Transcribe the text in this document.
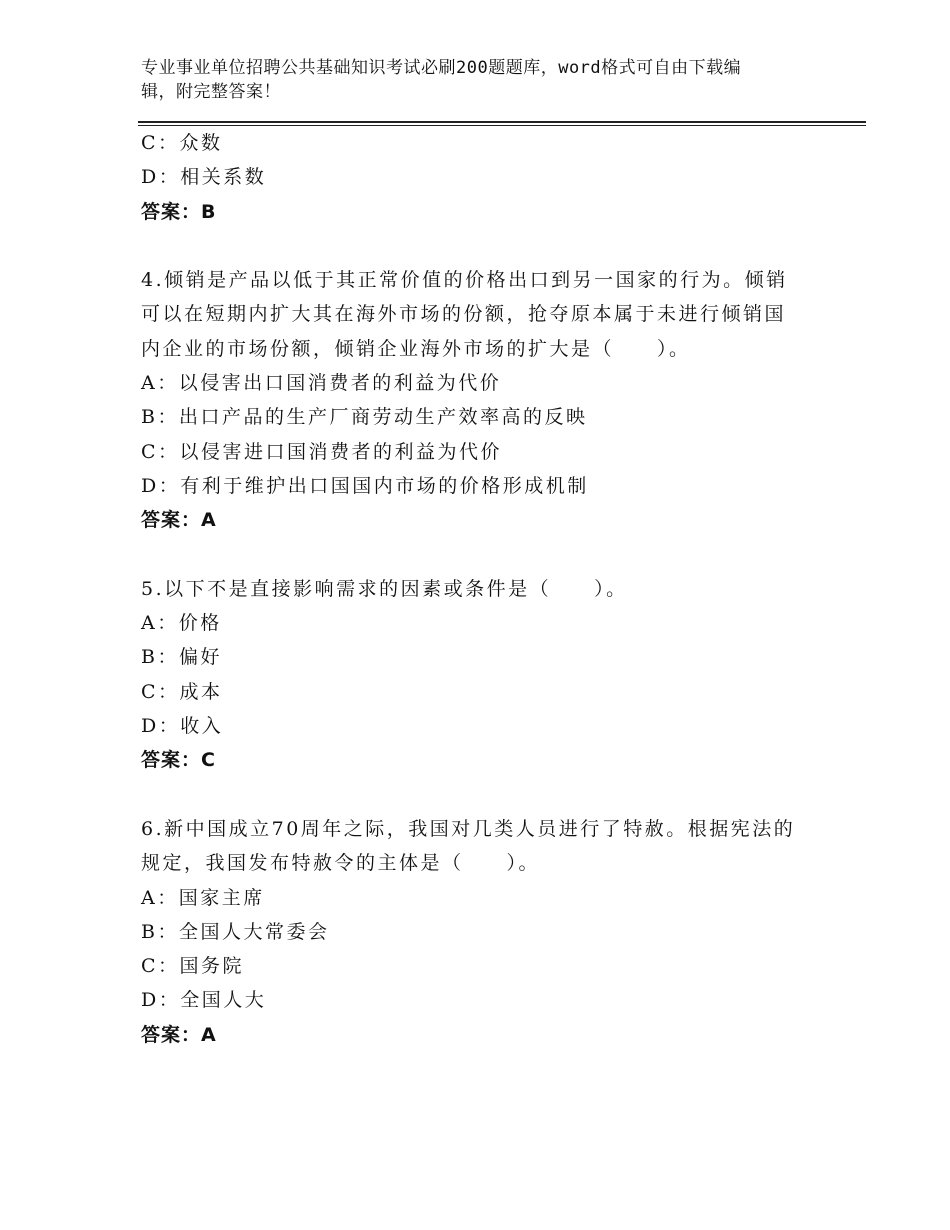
专业事业单位招聘公共基础知识考试必刷200题题库，word格式可自由下载编
辑，附完整答案！
C：众数
D：相关系数
答案：B
4.倾销是产品以低于其正常价值的价格出口到另一国家的行为。倾销
可以在短期内扩大其在海外市场的份额，抢夺原本属于未进行倾销国
内企业的市场份额，倾销企业海外市场的扩大是（　　）。
A：以侵害出口国消费者的利益为代价
B：出口产品的生产厂商劳动生产效率高的反映
C：以侵害进口国消费者的利益为代价
D：有利于维护出口国国内市场的价格形成机制
答案：A
5.以下不是直接影响需求的因素或条件是（　　）。
A：价格
B：偏好
C：成本
D：收入
答案：C
6.新中国成立70周年之际，我国对几类人员进行了特赦。根据宪法的
规定，我国发布特赦令的主体是（　　）。
A：国家主席
B：全国人大常委会
C：国务院
D：全国人大
答案：A
